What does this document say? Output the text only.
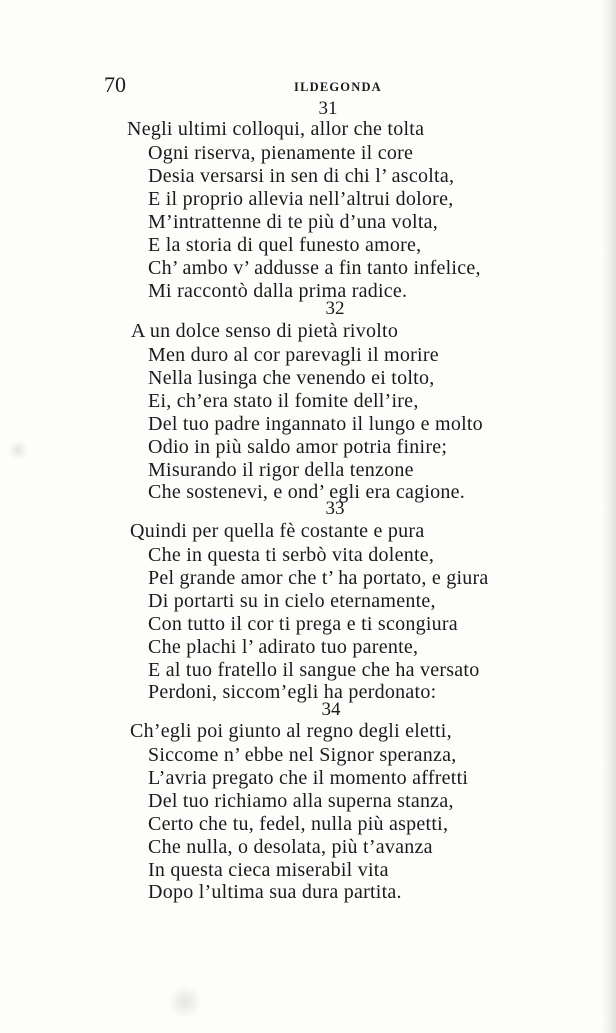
70	ILDEGONDA
31
Negli ultimi colloqui, allor che tolta
Ogni riserva, pienamente il core
Desia versarsi in sen di chi l’ ascolta,
E il proprio allevia nell’altrui dolore,
M’intrattenne di te più d’una volta,
E la storia di quel funesto amore,
Ch’ ambo v’ addusse a fin tanto infelice,
Mi raccontò dalla prima radice.
32
A un dolce senso di pietà rivolto
Men duro al cor parevagli il morire
Nella lusinga che venendo ei tolto,
Ei, ch’era stato il fomite dell’ire,
Del tuo padre ingannato il lungo e molto
Odio in più saldo amor potria finire;
Misurando il rigor della tenzone
Che sostenevi, e ond’ egli era cagione.
33
Quindi per quella fè costante e pura
Che in questa ti serbò vita dolente,
Pel grande amor che t’ ha portato, e giura
Di portarti su in cielo eternamente,
Con tutto il cor ti prega e ti scongiura
Che plachi l’ adirato tuo parente,
E al tuo fratello il sangue che ha versato
Perdoni, siccom’egli ha perdonato:
34
Ch’egli poi giunto al regno degli eletti,
Siccome n’ ebbe nel Signor speranza,
L’avria pregato che il momento affretti
Del tuo richiamo alla superna stanza,
Certo che tu, fedel, nulla più aspetti,
Che nulla, o desolata, più t’avanza
In questa cieca miserabil vita
Dopo l’ultima sua dura partita.
